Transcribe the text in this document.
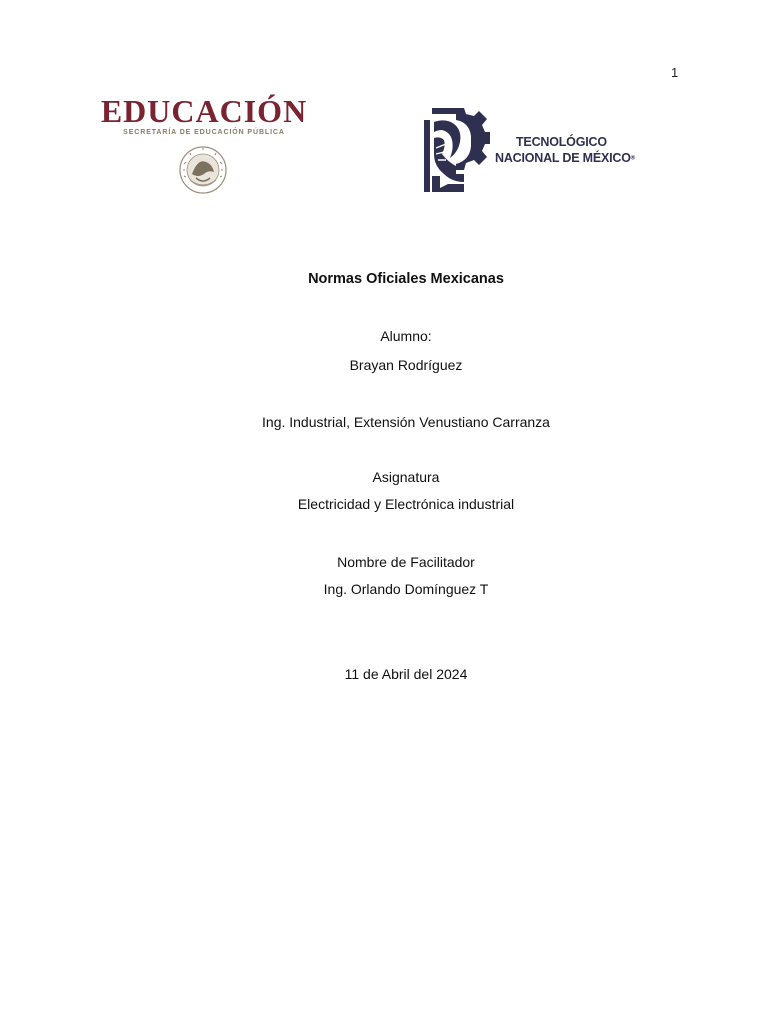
1
EDUCACIÓN
SECRETARÍA DE EDUCACIÓN PÚBLICA
TECNOLÓGICO
NACIONAL DE MÉXICO®
Normas Oficiales Mexicanas
Alumno:
Brayan Rodríguez
Ing. Industrial, Extensión Venustiano Carranza
Asignatura
Electricidad y Electrónica industrial
Nombre de Facilitador
Ing. Orlando Domínguez T
11 de Abril del 2024
